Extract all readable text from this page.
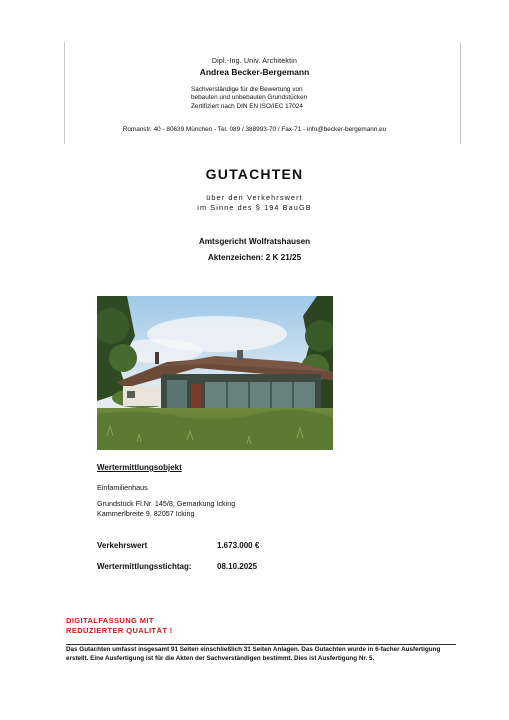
Dipl.-Ing. Univ. Architektin
Andrea Becker-Bergemann
Sachverständige für die Bewertung von
bebauten und unbebauten Grundstücken
Zertifiziert nach DIN EN ISO/IEC 17024
Romanstr. 40 - 80639 München - Tel. 089 / 388993-70 / Fax-71 - info@becker-bergemann.eu
GUTACHTEN
über den Verkehrswert
im Sinne des § 194 BauGB
Amtsgericht Wolfratshausen
Aktenzeichen: 2 K 21/25
Wertermittlungsobjekt
Einfamilienhaus
Grundstück Fl.Nr. 145/8, Gemarkung Icking
Kammerlbreite 9, 82057 Icking
Verkehrswert	1.673.000 €
Wertermittlungsstichtag:	08.10.2025
DIGITALFASSUNG MIT
REDUZIERTER QUALITÄT !
Das Gutachten umfasst insgesamt 91 Seiten einschließlich 31 Seiten Anlagen. Das Gutachten wurde in 6-facher Ausfertigung erstellt. Eine Ausfertigung ist für die Akten der Sachverständigen bestimmt. Dies ist Ausfertigung Nr. 5.
